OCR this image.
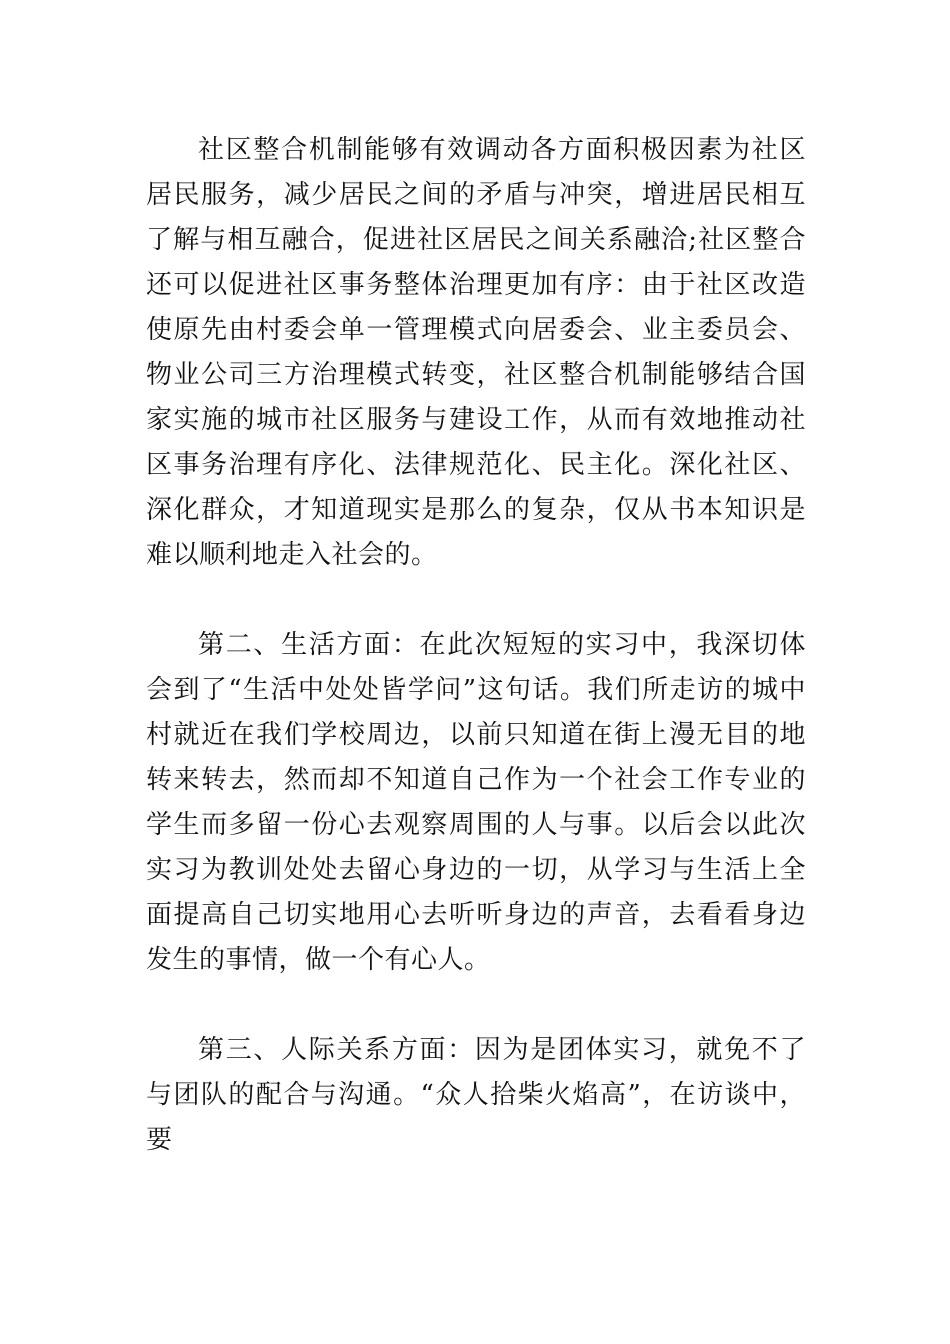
社区整合机制能够有效调动各方面积极因素为社区居民服务，减少居民之间的矛盾与冲突，增进居民相互了解与相互融合，促进社区居民之间关系融洽;社区整合还可以促进社区事务整体治理更加有序：由于社区改造使原先由村委会单一管理模式向居委会、业主委员会、物业公司三方治理模式转变，社区整合机制能够结合国家实施的城市社区服务与建设工作，从而有效地推动社区事务治理有序化、法律规范化、民主化。深化社区、深化群众，才知道现实是那么的复杂，仅从书本知识是难以顺利地走入社会的。

第二、生活方面：在此次短短的实习中，我深切体会到了“生活中处处皆学问”这句话。我们所走访的城中村就近在我们学校周边，以前只知道在街上漫无目的地转来转去，然而却不知道自己作为一个社会工作专业的学生而多留一份心去观察周围的人与事。以后会以此次实习为教训处处去留心身边的一切，从学习与生活上全面提高自己切实地用心去听听身边的声音，去看看身边发生的事情，做一个有心人。

第三、人际关系方面：因为是团体实习，就免不了与团队的配合与沟通。“众人拾柴火焰高”，在访谈中，要
